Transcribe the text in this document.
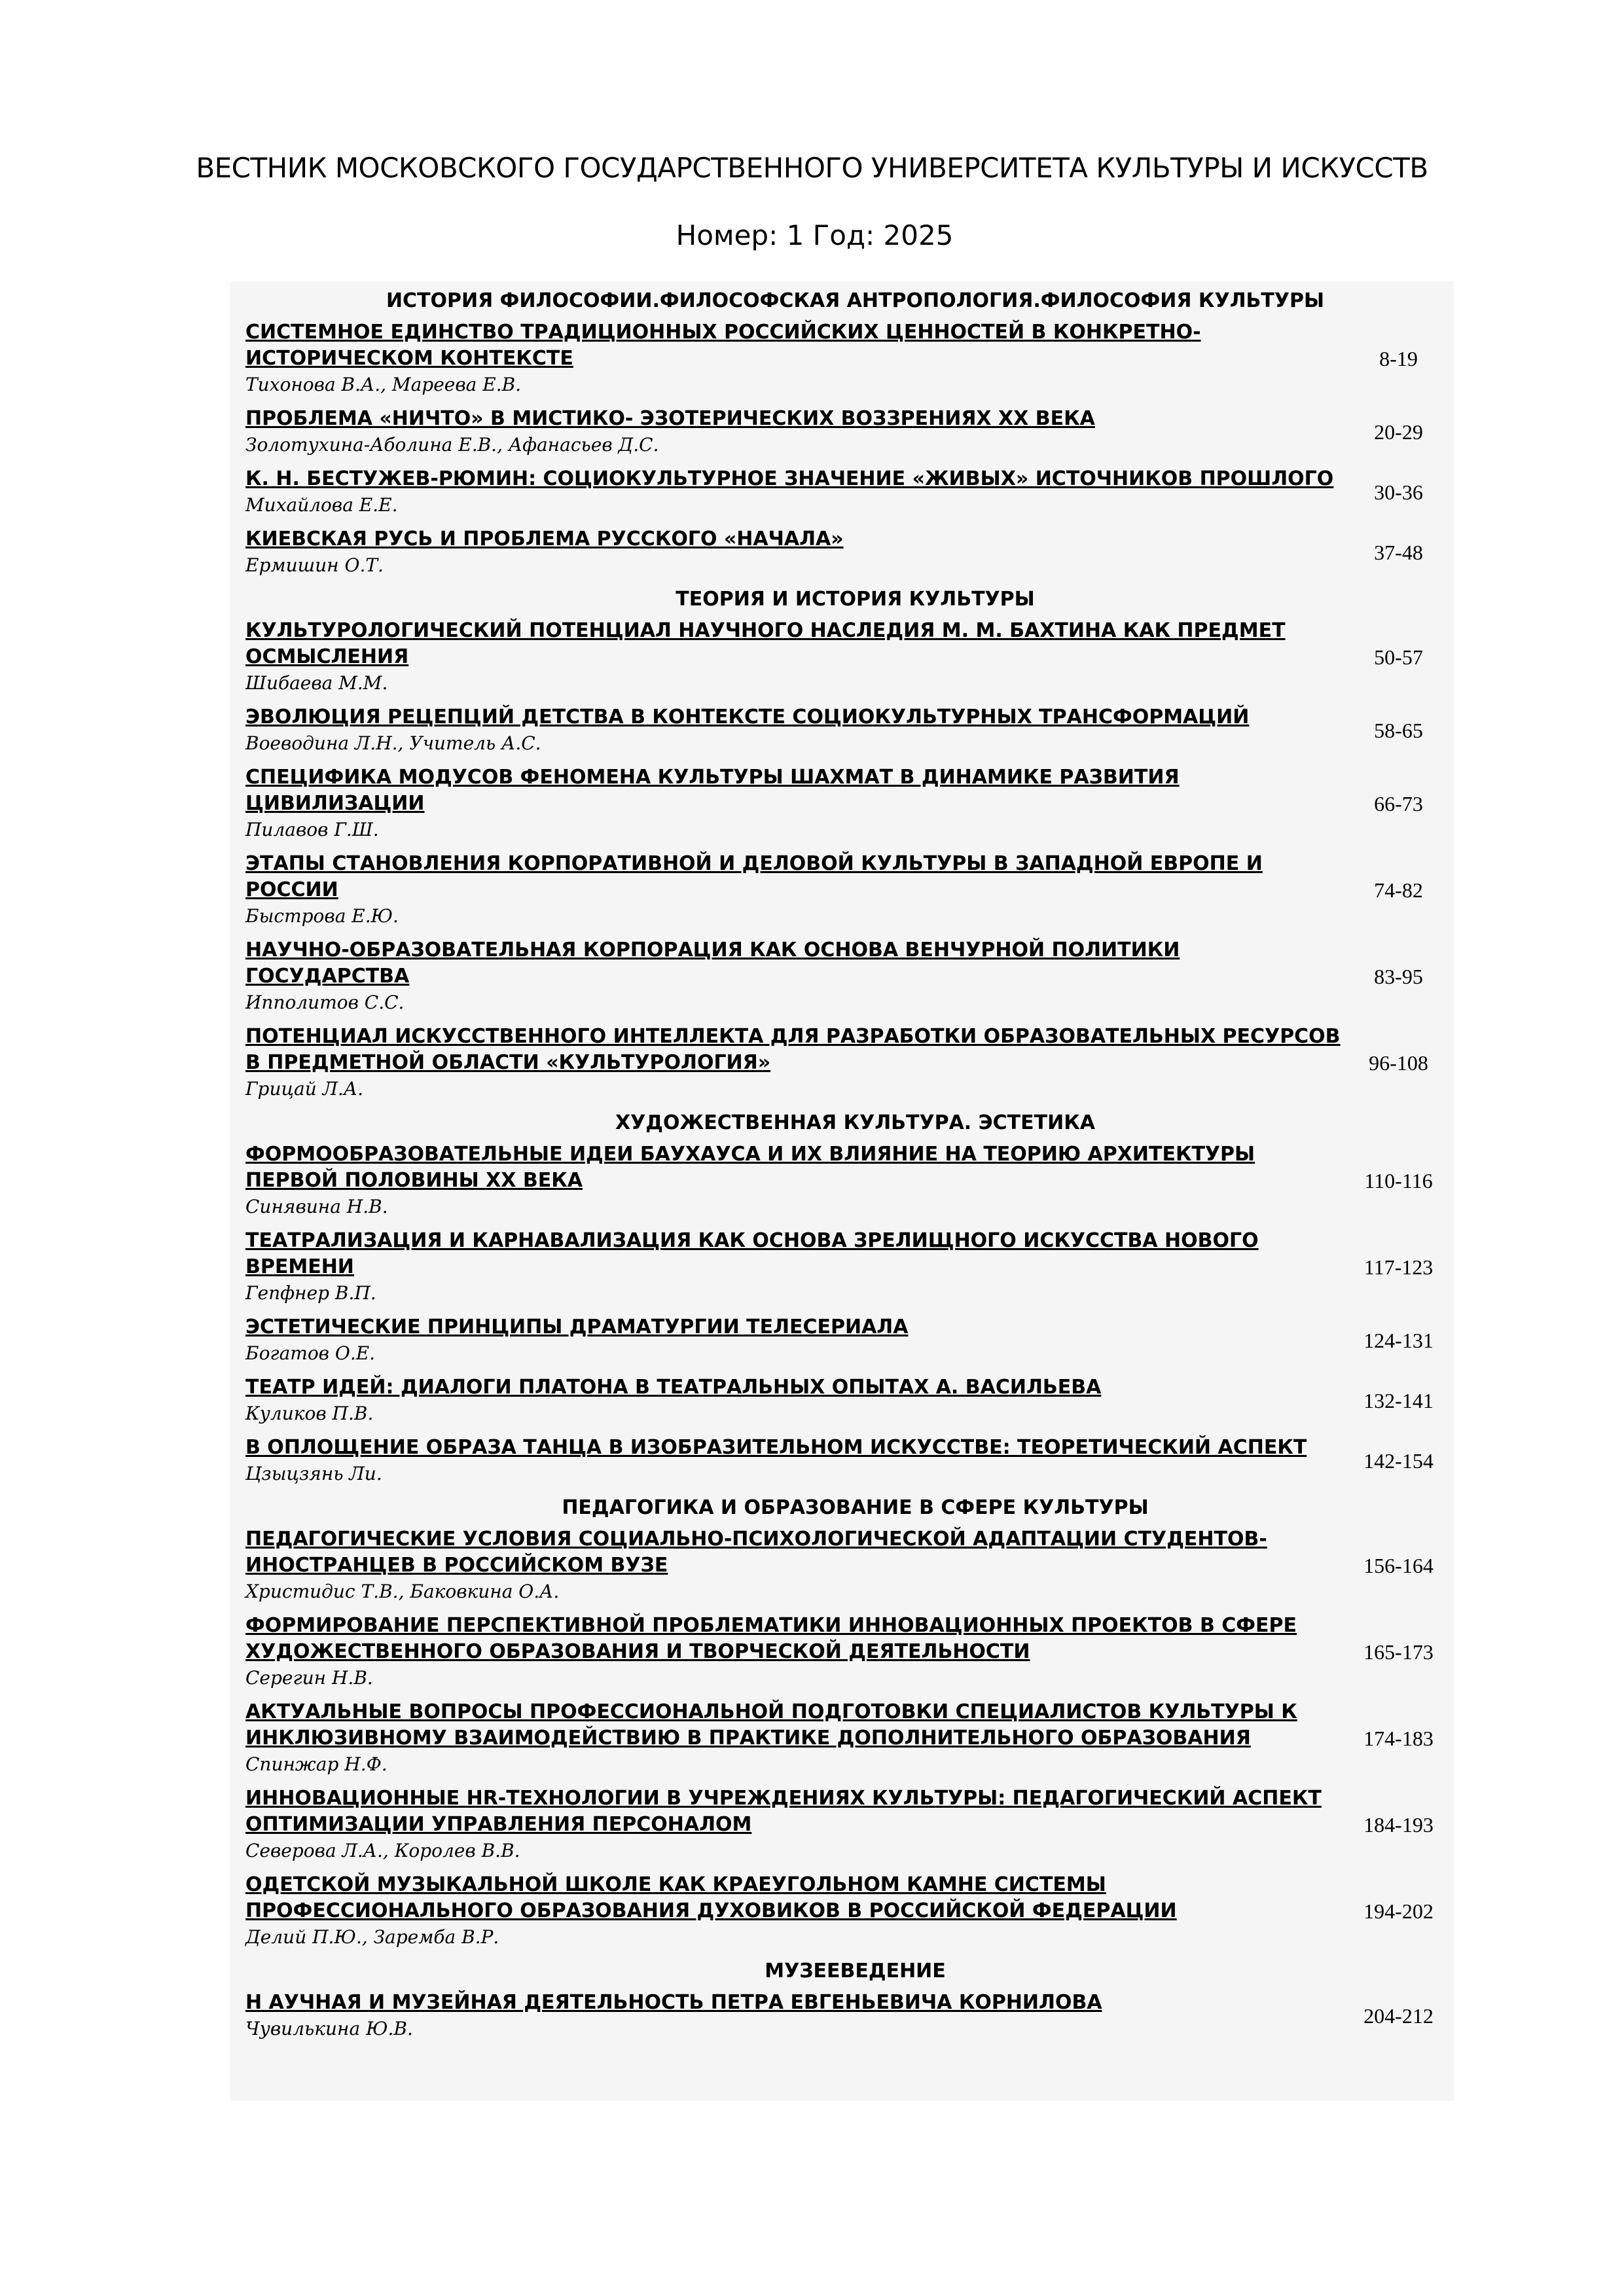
ВЕСТНИК МОСКОВСКОГО ГОСУДАРСТВЕННОГО УНИВЕРСИТЕТА КУЛЬТУРЫ И ИСКУССТВ
Номер: 1 Год: 2025
ИСТОРИЯ ФИЛОСОФИИ.ФИЛОСОФСКАЯ АНТРОПОЛОГИЯ.ФИЛОСОФИЯ КУЛЬТУРЫ
СИСТЕМНОЕ ЕДИНСТВО ТРАДИЦИОННЫХ РОССИЙСКИХ ЦЕННОСТЕЙ В КОНКРЕТНО-
ИСТОРИЧЕСКОМ КОНТЕКСТЕ
Тихонова В.А., Мареева Е.В.
8-19
ПРОБЛЕМА «НИЧТО» В МИСТИКО- ЭЗОТЕРИЧЕСКИХ ВОЗЗРЕНИЯХ XX ВЕКА
Золотухина-Аболина Е.В., Афанасьев Д.С.
20-29
К. Н. БЕСТУЖЕВ-РЮМИН: СОЦИОКУЛЬТУРНОЕ ЗНАЧЕНИЕ «ЖИВЫХ» ИСТОЧНИКОВ ПРОШЛОГО
Михайлова Е.Е.
30-36
КИЕВСКАЯ РУСЬ И ПРОБЛЕМА РУССКОГО «НАЧАЛА»
Ермишин О.Т.
37-48
ТЕОРИЯ И ИСТОРИЯ КУЛЬТУРЫ
КУЛЬТУРОЛОГИЧЕСКИЙ ПОТЕНЦИАЛ НАУЧНОГО НАСЛЕДИЯ М. М. БАХТИНА КАК ПРЕДМЕТ
ОСМЫСЛЕНИЯ
Шибаева М.М.
50-57
ЭВОЛЮЦИЯ РЕЦЕПЦИЙ ДЕТСТВА В КОНТЕКСТЕ СОЦИОКУЛЬТУРНЫХ ТРАНСФОРМАЦИЙ
Воеводина Л.Н., Учитель А.С.
58-65
СПЕЦИФИКА МОДУСОВ ФЕНОМЕНА КУЛЬТУРЫ ШАХМАТ В ДИНАМИКЕ РАЗВИТИЯ
ЦИВИЛИЗАЦИИ
Пилавов Г.Ш.
66-73
ЭТАПЫ СТАНОВЛЕНИЯ КОРПОРАТИВНОЙ И ДЕЛОВОЙ КУЛЬТУРЫ В ЗАПАДНОЙ ЕВРОПЕ И
РОССИИ
Быстрова Е.Ю.
74-82
НАУЧНО-ОБРАЗОВАТЕЛЬНАЯ КОРПОРАЦИЯ КАК ОСНОВА ВЕНЧУРНОЙ ПОЛИТИКИ
ГОСУДАРСТВА
Ипполитов С.С.
83-95
ПОТЕНЦИАЛ ИСКУССТВЕННОГО ИНТЕЛЛЕКТА ДЛЯ РАЗРАБОТКИ ОБРАЗОВАТЕЛЬНЫХ РЕСУРСОВ
В ПРЕДМЕТНОЙ ОБЛАСТИ «КУЛЬТУРОЛОГИЯ»
Грицай Л.А.
96-108
ХУДОЖЕСТВЕННАЯ КУЛЬТУРА. ЭСТЕТИКА
ФОРМООБРАЗОВАТЕЛЬНЫЕ ИДЕИ БАУХАУСА И ИХ ВЛИЯНИЕ НА ТЕОРИЮ АРХИТЕКТУРЫ
ПЕРВОЙ ПОЛОВИНЫ XX ВЕКА
Синявина Н.В.
110-116
ТЕАТРАЛИЗАЦИЯ И КАРНАВАЛИЗАЦИЯ КАК ОСНОВА ЗРЕЛИЩНОГО ИСКУССТВА НОВОГО
ВРЕМЕНИ
Гепфнер В.П.
117-123
ЭСТЕТИЧЕСКИЕ ПРИНЦИПЫ ДРАМАТУРГИИ ТЕЛЕСЕРИАЛА
Богатов О.Е.
124-131
ТЕАТР ИДЕЙ: ДИАЛОГИ ПЛАТОНА В ТЕАТРАЛЬНЫХ ОПЫТАХ А. ВАСИЛЬЕВА
Куликов П.В.
132-141
В ОПЛОЩЕНИЕ ОБРАЗА ТАНЦА В ИЗОБРАЗИТЕЛЬНОМ ИСКУССТВЕ: ТЕОРЕТИЧЕСКИЙ АСПЕКТ
Цзыцзянь Ли.
142-154
ПЕДАГОГИКА И ОБРАЗОВАНИЕ В СФЕРЕ КУЛЬТУРЫ
ПЕДАГОГИЧЕСКИЕ УСЛОВИЯ СОЦИАЛЬНО-ПСИХОЛОГИЧЕСКОЙ АДАПТАЦИИ СТУДЕНТОВ-
ИНОСТРАНЦЕВ В РОССИЙСКОМ ВУЗЕ
Христидис Т.В., Баковкина О.А.
156-164
ФОРМИРОВАНИЕ ПЕРСПЕКТИВНОЙ ПРОБЛЕМАТИКИ ИННОВАЦИОННЫХ ПРОЕКТОВ В СФЕРЕ
ХУДОЖЕСТВЕННОГО ОБРАЗОВАНИЯ И ТВОРЧЕСКОЙ ДЕЯТЕЛЬНОСТИ
Серегин Н.В.
165-173
АКТУАЛЬНЫЕ ВОПРОСЫ ПРОФЕССИОНАЛЬНОЙ ПОДГОТОВКИ СПЕЦИАЛИСТОВ КУЛЬТУРЫ К
ИНКЛЮЗИВНОМУ ВЗАИМОДЕЙСТВИЮ В ПРАКТИКЕ ДОПОЛНИТЕЛЬНОГО ОБРАЗОВАНИЯ
Спинжар Н.Ф.
174-183
ИННОВАЦИОННЫЕ HR-ТЕХНОЛОГИИ В УЧРЕЖДЕНИЯХ КУЛЬТУРЫ: ПЕДАГОГИЧЕСКИЙ АСПЕКТ
ОПТИМИЗАЦИИ УПРАВЛЕНИЯ ПЕРСОНАЛОМ
Северова Л.А., Королев В.В.
184-193
ОДЕТСКОЙ МУЗЫКАЛЬНОЙ ШКОЛЕ КАК КРАЕУГОЛЬНОМ КАМНЕ СИСТЕМЫ
ПРОФЕССИОНАЛЬНОГО ОБРАЗОВАНИЯ ДУХОВИКОВ В РОССИЙСКОЙ ФЕДЕРАЦИИ
Делий П.Ю., Заремба В.Р.
194-202
МУЗЕЕВЕДЕНИЕ
Н АУЧНАЯ И МУЗЕЙНАЯ ДЕЯТЕЛЬНОСТЬ ПЕТРА ЕВГЕНЬЕВИЧА КОРНИЛОВА
Чувилькина Ю.В.
204-212
